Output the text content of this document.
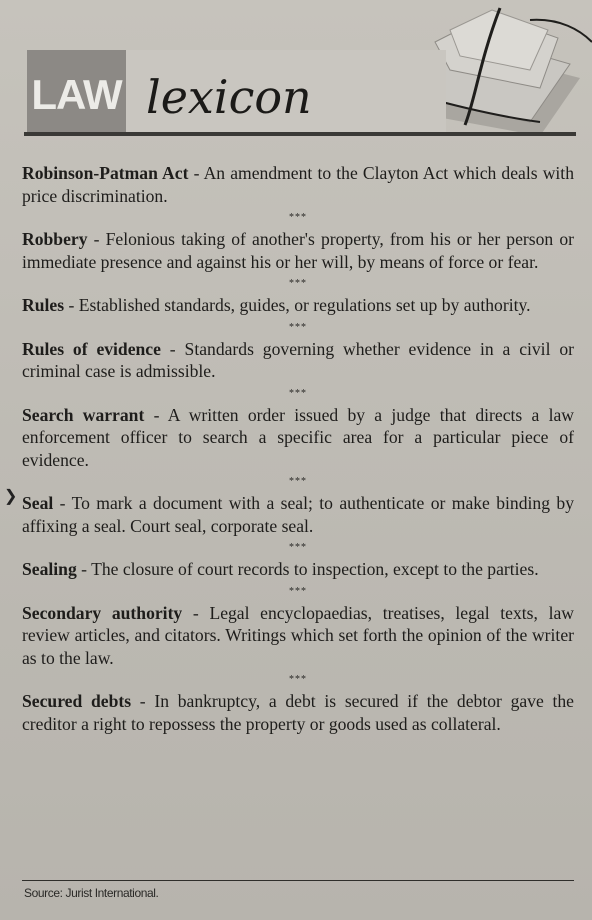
LAW lexicon
❯

Robinson-Patman Act - An amendment to the Clayton Act which deals with price discrimination.

***

Robbery - Felonious taking of another's property, from his or her person or immediate presence and against his or her will, by means of force or fear.

***

Rules - Established standards, guides, or regulations set up by authority.

***

Rules of evidence - Standards governing whether evidence in a civil or criminal case is admissible.

***

Search warrant - A written order issued by a judge that directs a law enforcement officer to search a specific area for a particular piece of evidence.

***

Seal - To mark a document with a seal; to authenticate or make binding by affixing a seal. Court seal, corporate seal.

***

Sealing - The closure of court records to inspection, except to the parties.

***

Secondary authority - Legal encyclopaedias, treatises, legal texts, law review articles, and citators. Writings which set forth the opinion of the writer as to the law.

***

Secured debts - In bankruptcy, a debt is secured if the debtor gave the creditor a right to repossess the property or goods used as collateral.

Source: Jurist International.
